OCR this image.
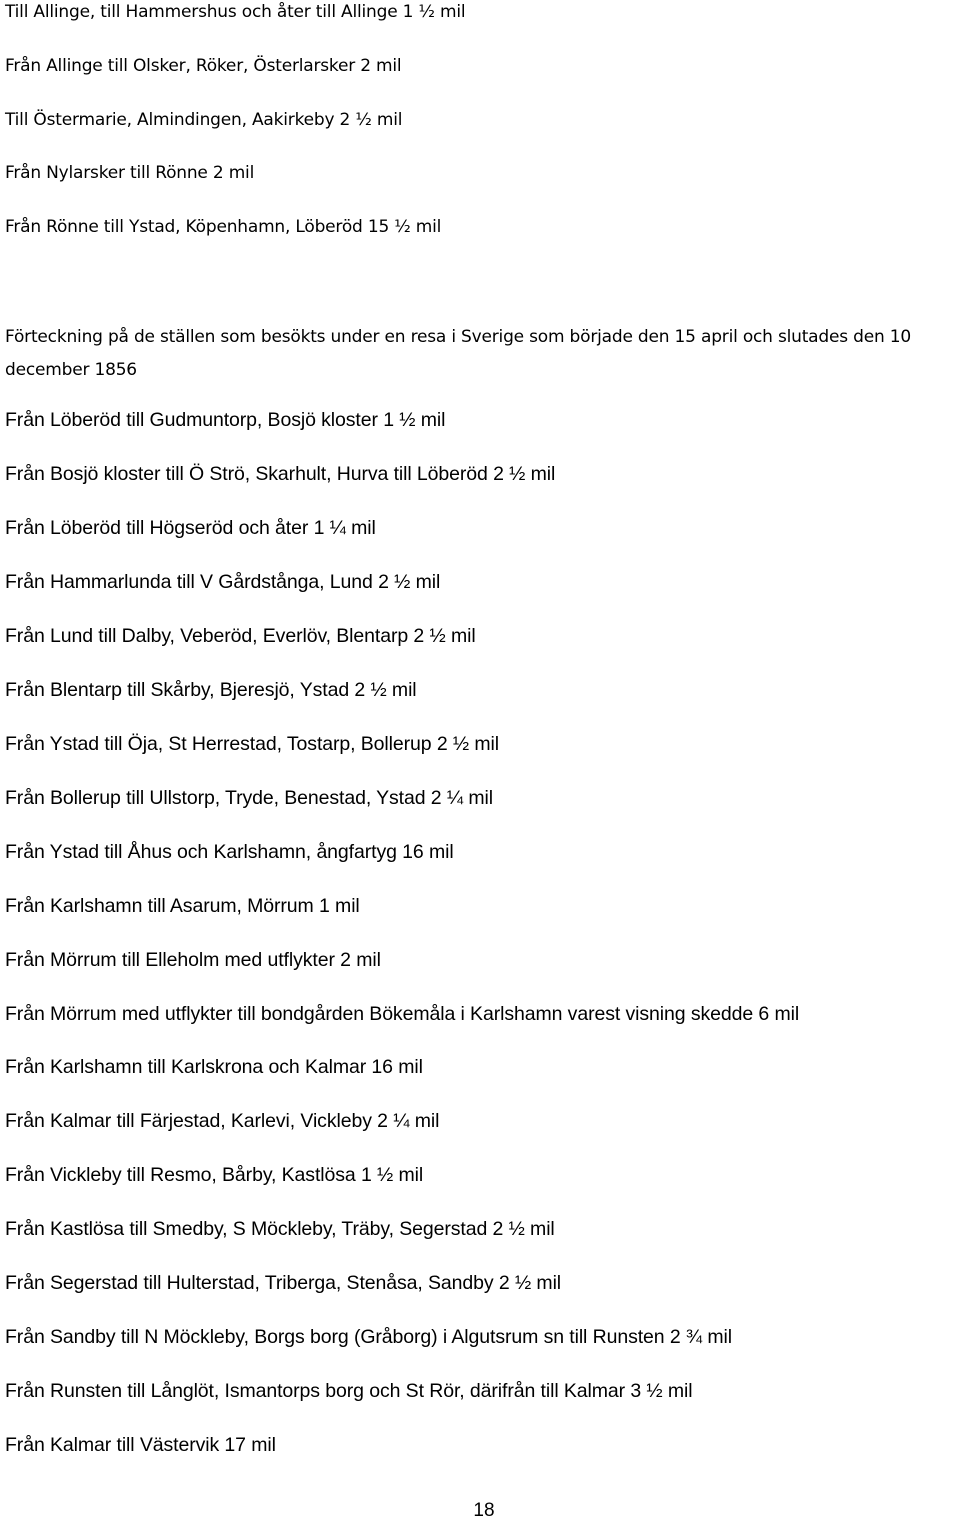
Till Allinge, till Hammershus och åter till Allinge 1 ½ mil

Från Allinge till Olsker, Röker, Österlarsker 2 mil

Till Östermarie, Almindingen, Aakirkeby 2 ½ mil

Från Nylarsker till Rönne 2 mil

Från Rönne till Ystad, Köpenhamn, Löberöd 15 ½ mil

Förteckning på de ställen som besökts under en resa i Sverige som började den 15 april och slutades den 10 december 1856

Från Löberöd till Gudmuntorp, Bosjö kloster 1 ½ mil

Från Bosjö kloster till Ö Strö, Skarhult, Hurva till Löberöd 2 ½ mil

Från Löberöd till Högseröd och åter 1 ¼ mil

Från Hammarlunda till V Gårdstånga, Lund 2 ½ mil

Från Lund till Dalby, Veberöd, Everlöv, Blentarp 2 ½ mil

Från Blentarp till Skårby, Bjeresjö, Ystad 2 ½ mil

Från Ystad till Öja, St Herrestad, Tostarp, Bollerup 2 ½ mil

Från Bollerup till Ullstorp, Tryde, Benestad, Ystad 2 ¼ mil

Från Ystad till Åhus och Karlshamn, ångfartyg 16 mil

Från Karlshamn till Asarum, Mörrum 1 mil

Från Mörrum till Elleholm med utflykter 2 mil

Från Mörrum med utflykter till bondgården Bökemåla i Karlshamn varest visning skedde 6 mil

Från Karlshamn till Karlskrona och Kalmar 16 mil

Från Kalmar till Färjestad, Karlevi, Vickleby 2 ¼ mil

Från Vickleby till Resmo, Bårby, Kastlösa 1 ½ mil

Från Kastlösa till Smedby, S Möckleby, Träby, Segerstad 2 ½ mil

Från Segerstad till Hulterstad, Triberga, Stenåsa, Sandby 2 ½ mil

Från Sandby till N Möckleby, Borgs borg (Gråborg) i Algutsrum sn till Runsten 2 ¾ mil

Från Runsten till Långlöt, Ismantorps borg och St Rör, därifrån till Kalmar 3 ½ mil

Från Kalmar till Västervik 17 mil

18
